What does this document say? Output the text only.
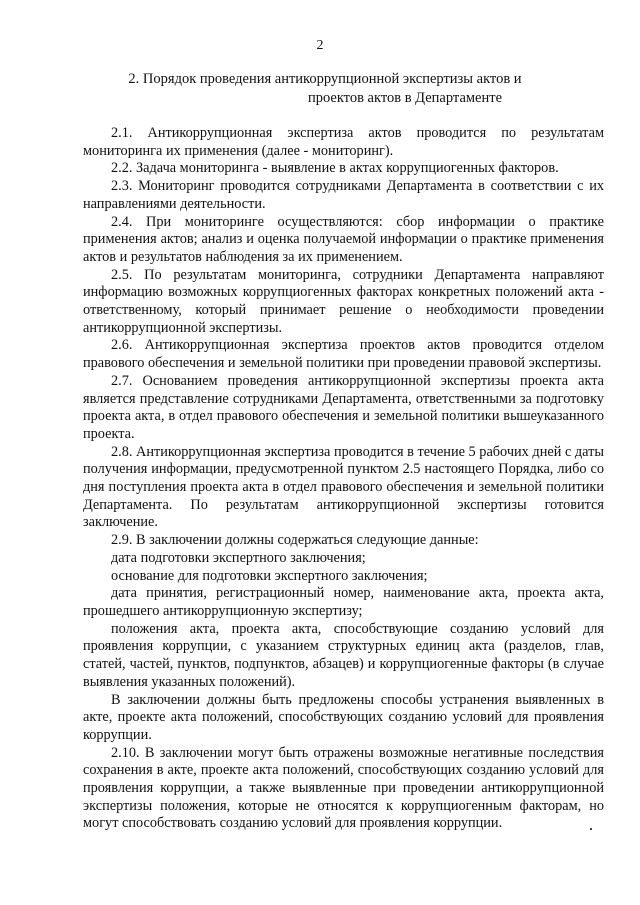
2
2. Порядок проведения антикоррупционной экспертизы актов и
проектов актов в Департаменте

2.1. Антикоррупционная экспертиза актов проводится по результатам мониторинга их применения (далее - мониторинг).

2.2. Задача мониторинга - выявление в актах коррупциогенных факторов.

2.3. Мониторинг проводится сотрудниками Департамента в соответствии с их направлениями деятельности.

2.4. При мониторинге осуществляются: сбор информации о практике применения актов; анализ и оценка получаемой информации о практике применения актов и результатов наблюдения за их применением.

2.5. По результатам мониторинга, сотрудники Департамента направляют информацию возможных коррупциогенных факторах конкретных положений акта - ответственному, который принимает решение о необходимости проведении антикоррупционной экспертизы.

2.6. Антикоррупционная экспертиза проектов актов проводится отделом правового обеспечения и земельной политики при проведении правовой экспертизы.

2.7. Основанием проведения антикоррупционной экспертизы проекта акта является представление сотрудниками Департамента, ответственными за подготовку проекта акта, в отдел правового обеспечения и земельной политики вышеуказанного проекта.

2.8. Антикоррупционная экспертиза проводится в течение 5 рабочих дней с даты получения информации, предусмотренной пунктом 2.5 настоящего Порядка, либо со дня поступления проекта акта в отдел правового обеспечения и земельной политики Департамента. По результатам антикоррупционной экспертизы готовится заключение.

2.9. В заключении должны содержаться следующие данные:

дата подготовки экспертного заключения;

основание для подготовки экспертного заключения;

дата принятия, регистрационный номер, наименование акта, проекта акта, прошедшего антикоррупционную экспертизу;

положения акта, проекта акта, способствующие созданию условий для проявления коррупции, с указанием структурных единиц акта (разделов, глав, статей, частей, пунктов, подпунктов, абзацев) и коррупциогенные факторы (в случае выявления указанных положений).

В заключении должны быть предложены способы устранения выявленных в акте, проекте акта положений, способствующих созданию условий для проявления коррупции.

2.10. В заключении могут быть отражены возможные негативные последствия сохранения в акте, проекте акта положений, способствующих созданию условий для проявления коррупции, а также выявленные при проведении антикоррупционной экспертизы положения, которые не относятся к коррупциогенным факторам, но могут способствовать созданию условий для проявления коррупции.
